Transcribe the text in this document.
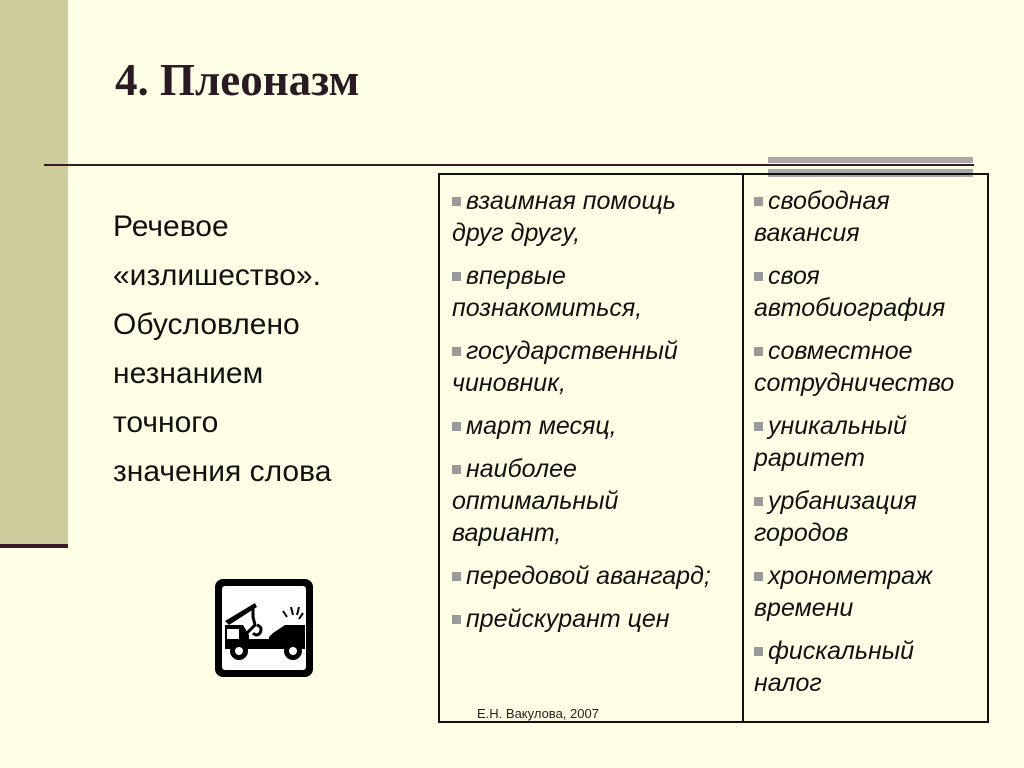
4. Плеоназм
Речевое
«излишество».
Обусловлено
незнанием
точного
значения слова
взаимная помощь друг другу,
впервые познакомиться,
государственный чиновник,
март месяц,
наиболее оптимальный вариант,
передовой авангард;
прейскурант цен

свободная вакансия
своя автобиография
совместное сотрудничество
уникальный раритет
урбанизация городов
хронометраж времени
фискальный налог
Е.Н. Вакулова, 2007
